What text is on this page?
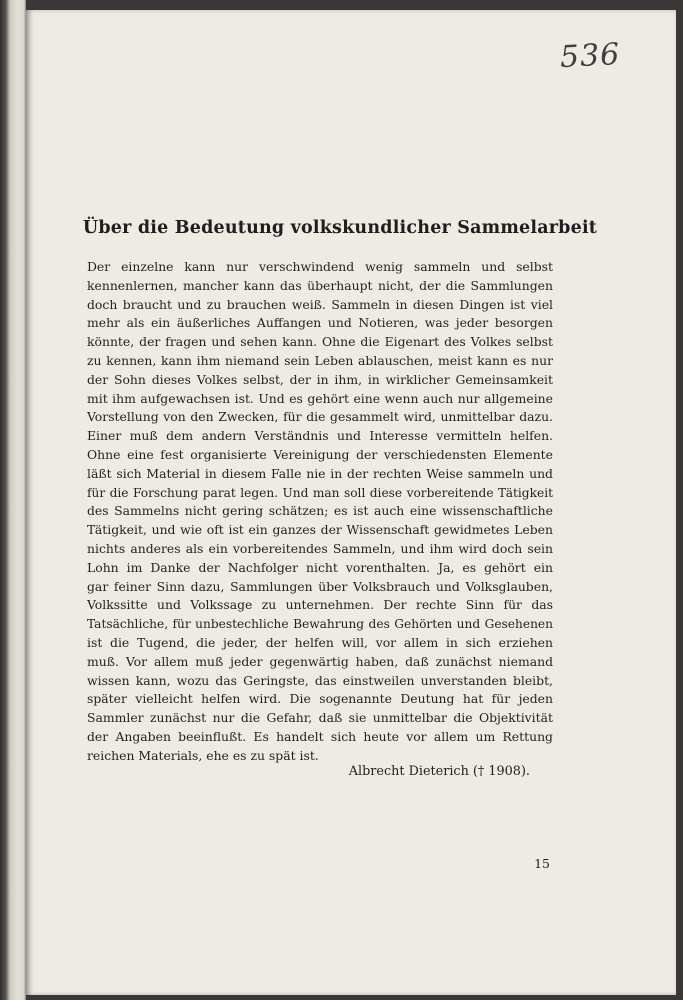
536
Über die Bedeutung volkskundlicher Sammelarbeit
Der einzelne kann nur verschwindend wenig sammeln und selbst
kennenlernen, mancher kann das überhaupt nicht, der die Sammlungen
doch braucht und zu brauchen weiß. Sammeln in diesen Dingen ist viel
mehr als ein äußerliches Auffangen und Notieren, was jeder besorgen
könnte, der fragen und sehen kann. Ohne die Eigenart des Volkes selbst
zu kennen, kann ihm niemand sein Leben ablauschen, meist kann es nur
der Sohn dieses Volkes selbst, der in ihm, in wirklicher Gemeinsamkeit
mit ihm aufgewachsen ist. Und es gehört eine wenn auch nur allgemeine
Vorstellung von den Zwecken, für die gesammelt wird, unmittelbar dazu.
Einer muß dem andern Verständnis und Interesse vermitteln helfen.
Ohne eine fest organisierte Vereinigung der verschiedensten Elemente
läßt sich Material in diesem Falle nie in der rechten Weise sammeln und
für die Forschung parat legen. Und man soll diese vorbereitende Tätigkeit
des Sammelns nicht gering schätzen; es ist auch eine wissenschaftliche
Tätigkeit, und wie oft ist ein ganzes der Wissenschaft gewidmetes Leben
nichts anderes als ein vorbereitendes Sammeln, und ihm wird doch sein
Lohn im Danke der Nachfolger nicht vorenthalten. Ja, es gehört ein
gar feiner Sinn dazu, Sammlungen über Volksbrauch und Volksglauben,
Volkssitte und Volkssage zu unternehmen. Der rechte Sinn für das
Tatsächliche, für unbestechliche Bewahrung des Gehörten und Gesehenen
ist die Tugend, die jeder, der helfen will, vor allem in sich erziehen
muß. Vor allem muß jeder gegenwärtig haben, daß zunächst niemand
wissen kann, wozu das Geringste, das einstweilen unverstanden bleibt,
später vielleicht helfen wird. Die sogenannte Deutung hat für jeden
Sammler zunächst nur die Gefahr, daß sie unmittelbar die Objektivität
der Angaben beeinflußt. Es handelt sich heute vor allem um Rettung
reichen Materials, ehe es zu spät ist.
Albrecht Dieterich († 1908).
15
